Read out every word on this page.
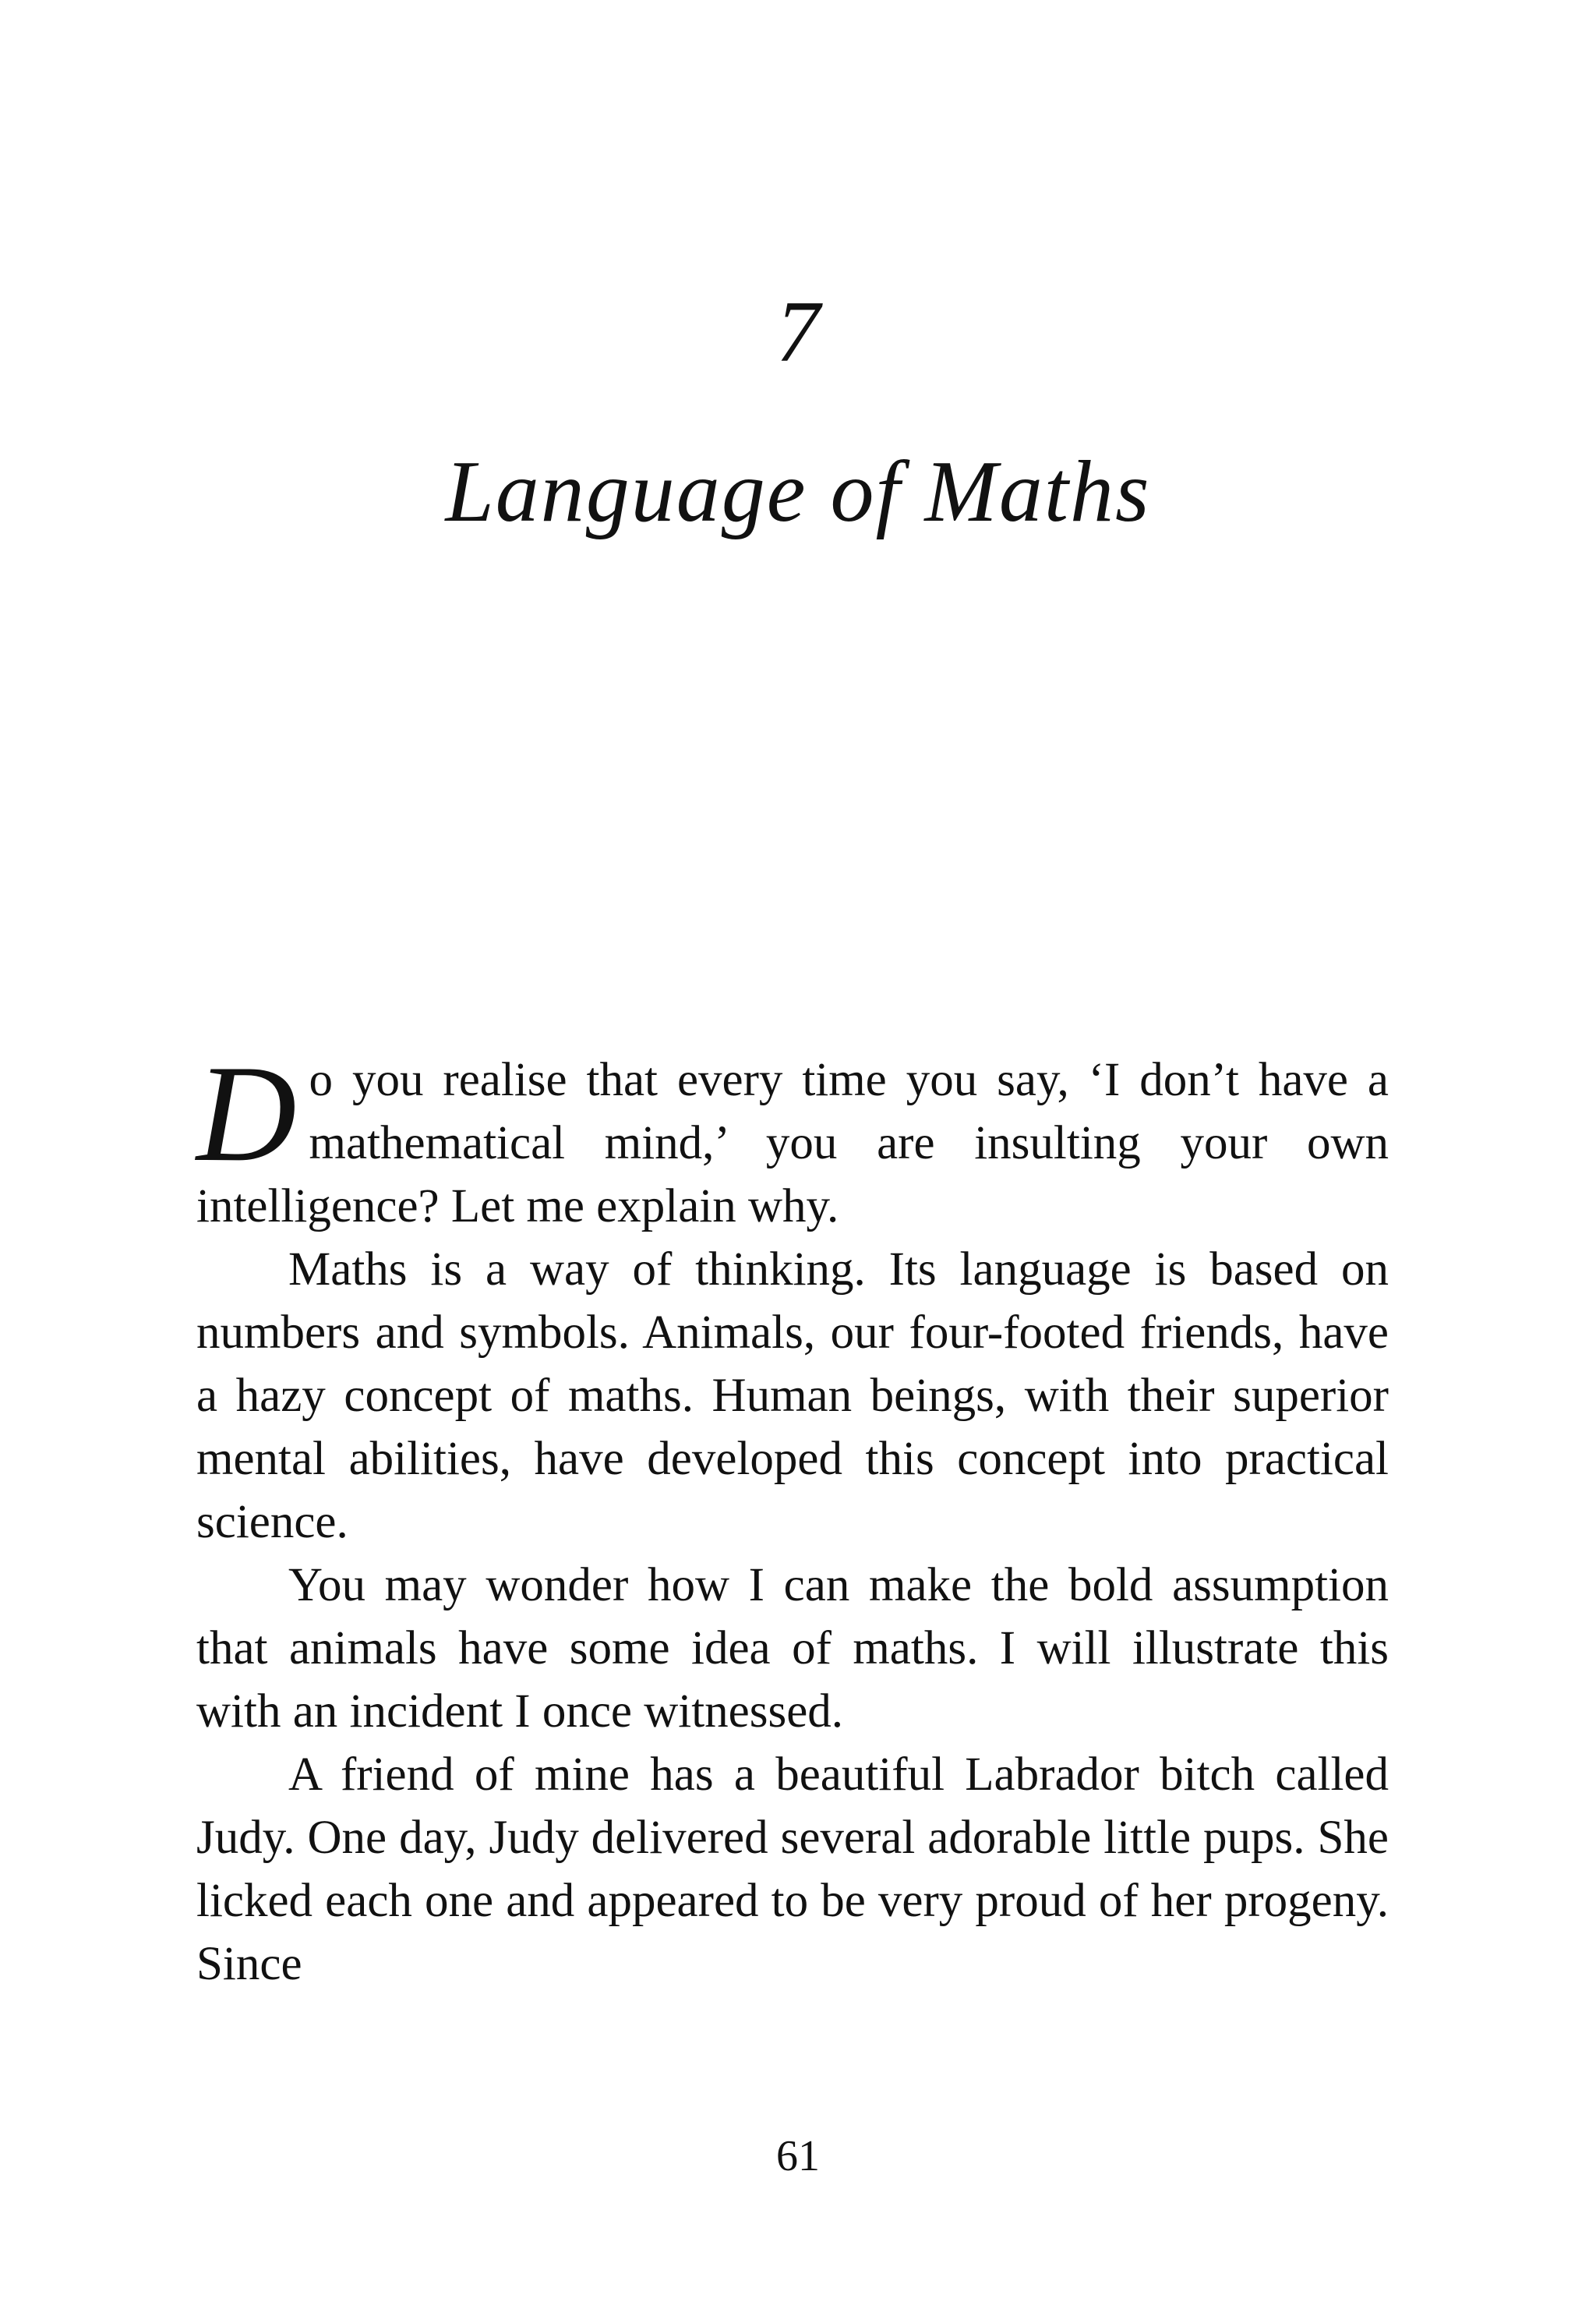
7
Language of Maths

D o you realise that every time you say, ‘I don’t have a mathematical mind,’ you are insulting your own intelligence? Let me explain why.

Maths is a way of thinking. Its language is based on numbers and symbols. Animals, our four-footed friends, have a hazy concept of maths. Human beings, with their superior mental abilities, have developed this concept into practical science.

You may wonder how I can make the bold assumption that animals have some idea of maths. I will illustrate this with an incident I once witnessed.

A friend of mine has a beautiful Labrador bitch called Judy. One day, Judy delivered several adorable little pups. She licked each one and appeared to be very proud of her progeny. Since

61
